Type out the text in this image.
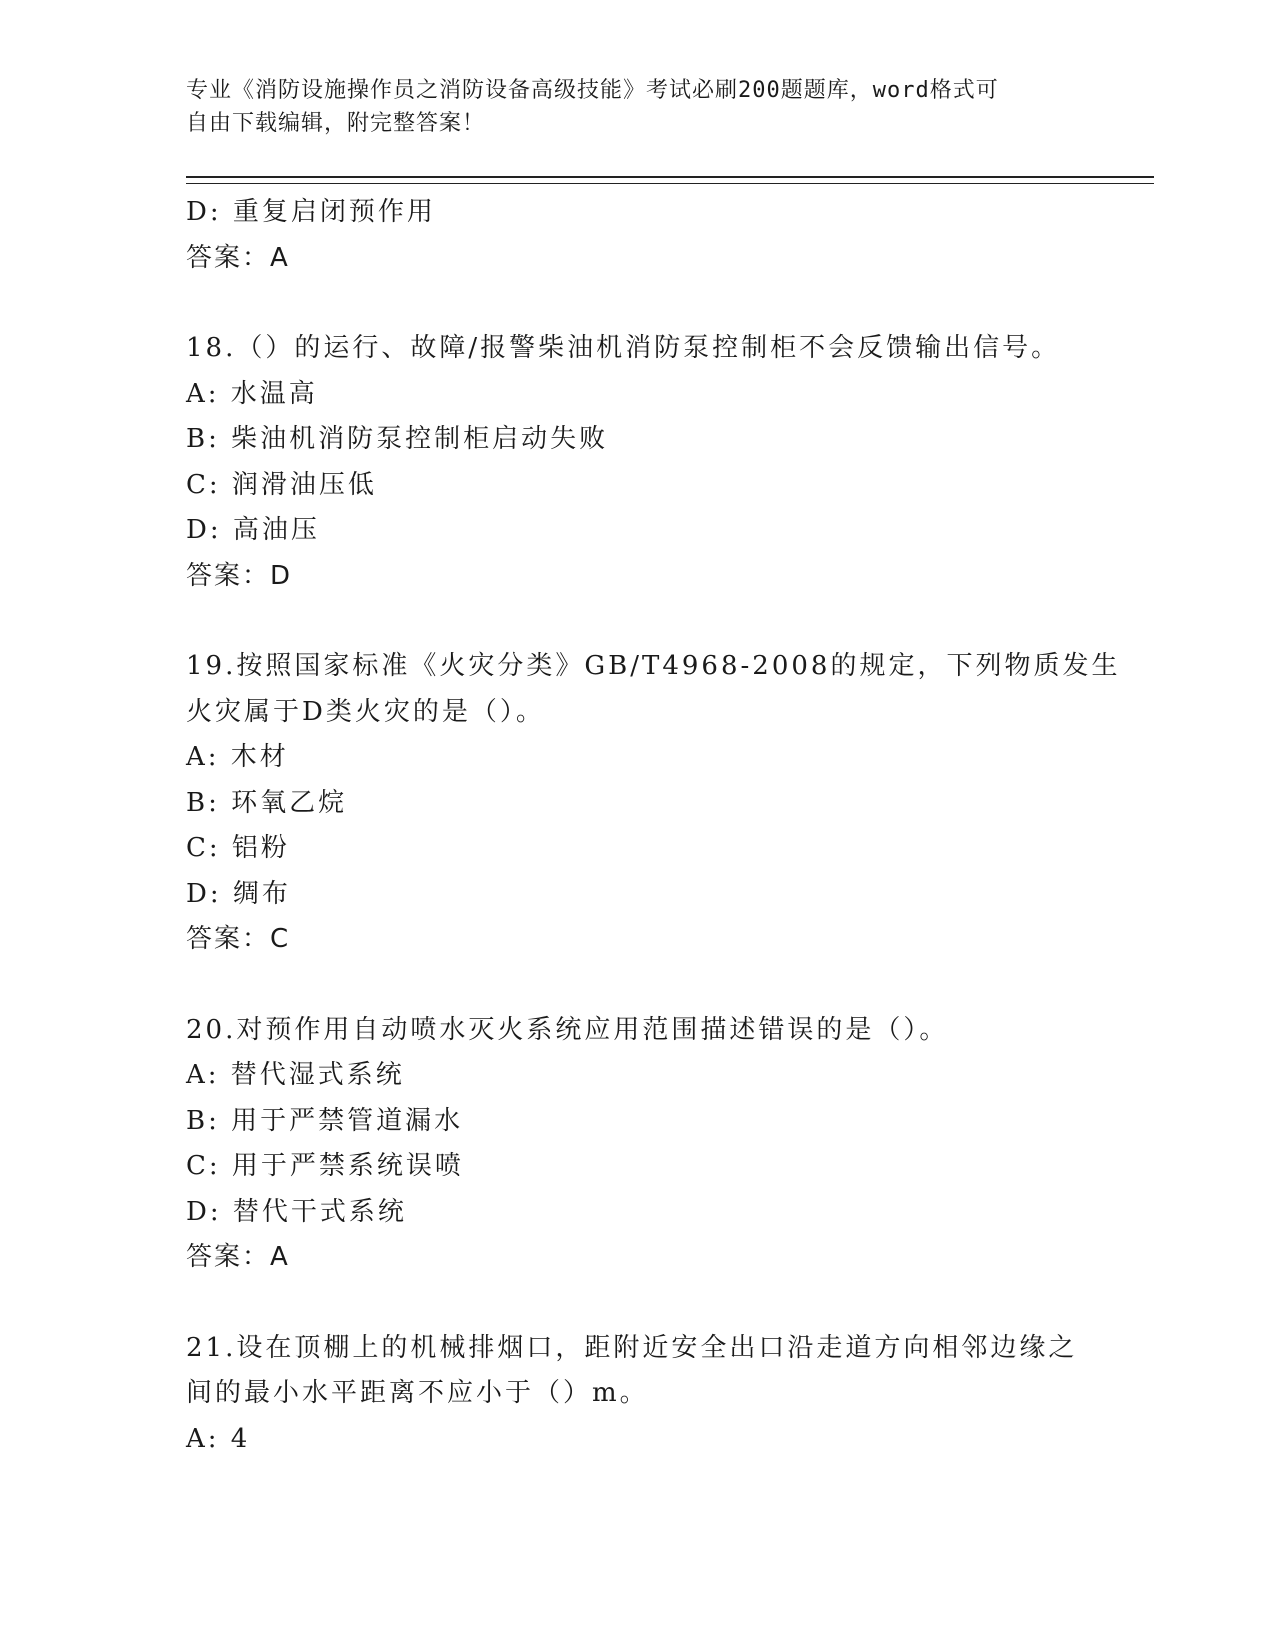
专业《消防设施操作员之消防设备高级技能》考试必刷200题题库，word格式可
自由下载编辑，附完整答案！
D: 重复启闭预作用
答案：A
18.（）的运行、故障/报警柴油机消防泵控制柜不会反馈输出信号。
A: 水温高
B: 柴油机消防泵控制柜启动失败
C: 润滑油压低
D: 高油压
答案：D
19.按照国家标准《火灾分类》GB/T4968-2008的规定，下列物质发生
火灾属于D类火灾的是（）。
A: 木材
B: 环氧乙烷
C: 铝粉
D: 绸布
答案：C
20.对预作用自动喷水灭火系统应用范围描述错误的是（）。
A: 替代湿式系统
B: 用于严禁管道漏水
C: 用于严禁系统误喷
D: 替代干式系统
答案：A
21.设在顶棚上的机械排烟口，距附近安全出口沿走道方向相邻边缘之
间的最小水平距离不应小于（）m。
A: 4
